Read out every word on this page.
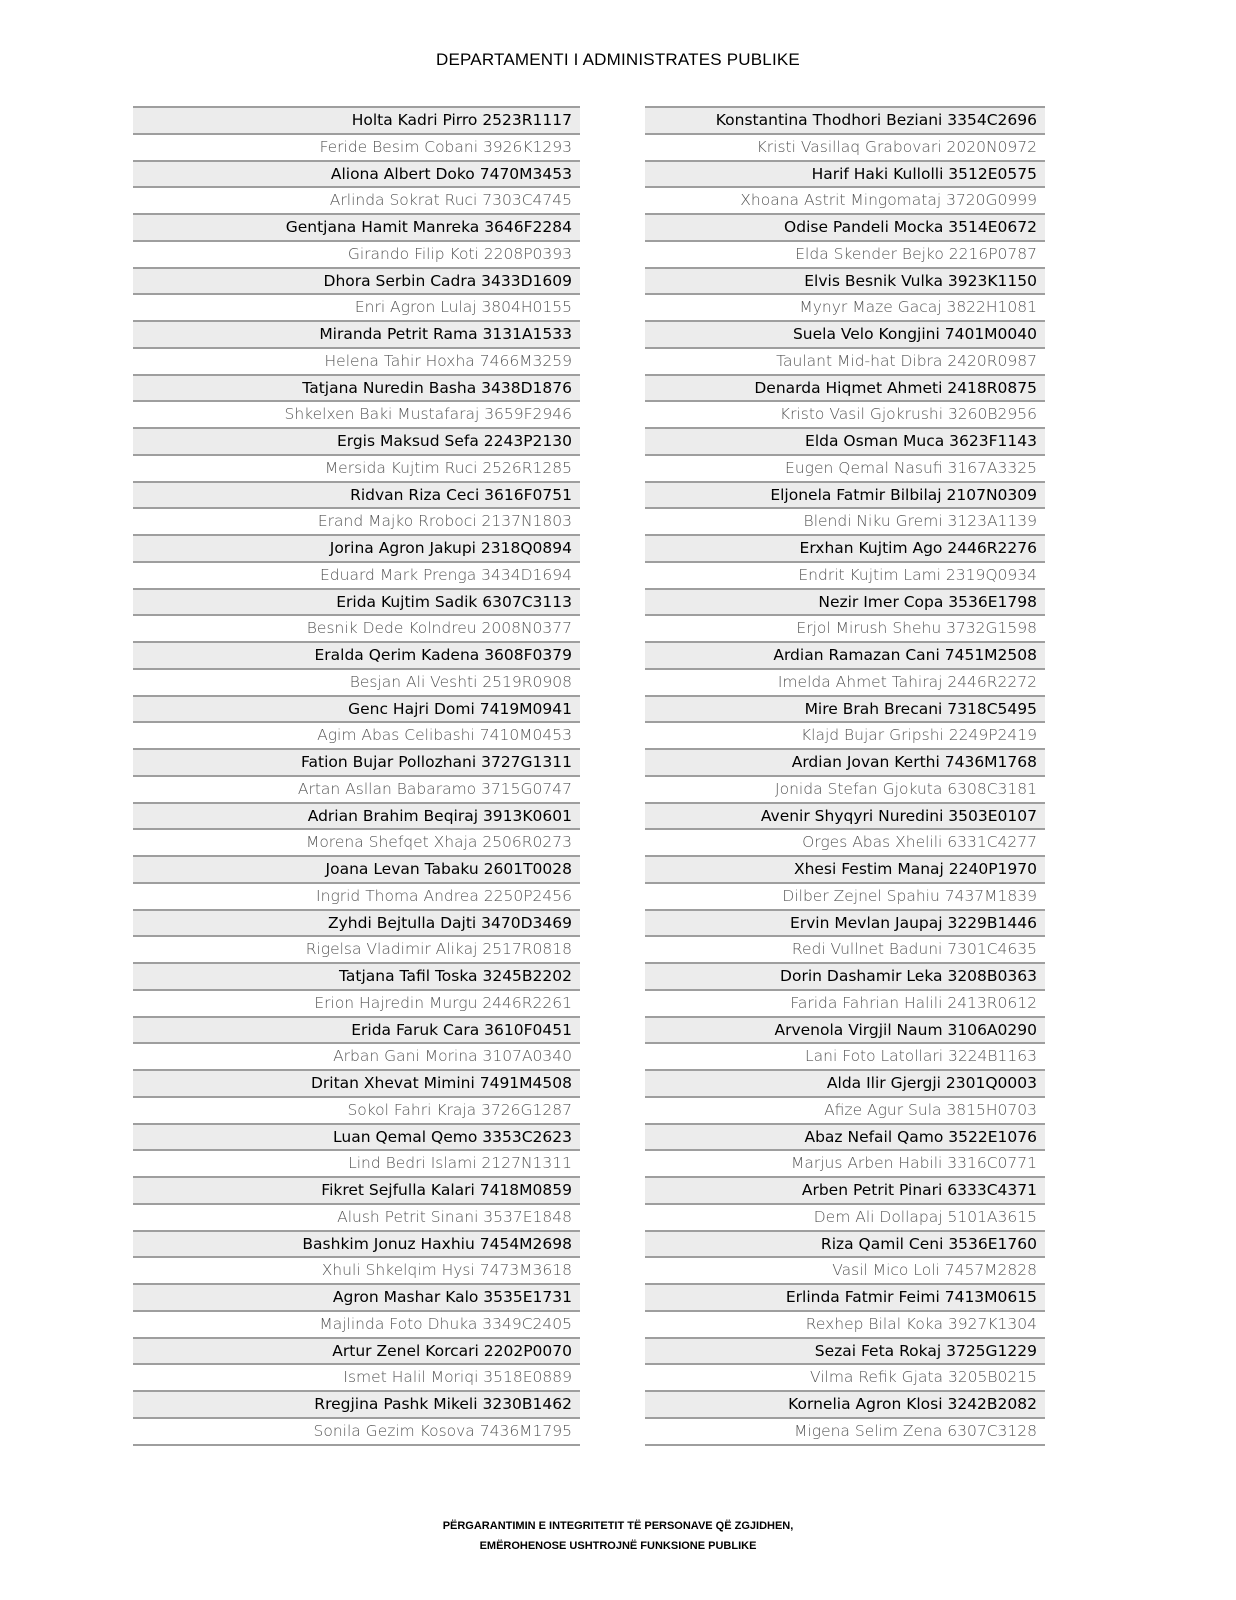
DEPARTAMENTI I ADMINISTRATES PUBLIKE
Holta Kadri Pirro 2523R1117
Feride Besim Cobani 3926K1293
Aliona Albert Doko 7470M3453
Arlinda Sokrat Ruci 7303C4745
Gentjana Hamit Manreka 3646F2284
Girando Filip Koti 2208P0393
Dhora Serbin Cadra 3433D1609
Enri Agron Lulaj 3804H0155
Miranda Petrit Rama 3131A1533
Helena Tahir Hoxha 7466M3259
Tatjana Nuredin Basha 3438D1876
Shkelxen Baki Mustafaraj 3659F2946
Ergis Maksud Sefa 2243P2130
Mersida Kujtim Ruci 2526R1285
Ridvan Riza Ceci 3616F0751
Erand Majko Rroboci 2137N1803
Jorina Agron Jakupi 2318Q0894
Eduard Mark Prenga 3434D1694
Erida Kujtim Sadik 6307C3113
Besnik Dede Kolndreu 2008N0377
Eralda Qerim Kadena 3608F0379
Besjan Ali Veshti 2519R0908
Genc Hajri Domi 7419M0941
Agim Abas Celibashi 7410M0453
Fation Bujar Pollozhani 3727G1311
Artan Asllan Babaramo 3715G0747
Adrian Brahim Beqiraj 3913K0601
Morena Shefqet Xhaja 2506R0273
Joana Levan Tabaku 2601T0028
Ingrid Thoma Andrea 2250P2456
Zyhdi Bejtulla Dajti 3470D3469
Rigelsa Vladimir Alikaj 2517R0818
Tatjana Tafil Toska 3245B2202
Erion Hajredin Murgu 2446R2261
Erida Faruk Cara 3610F0451
Arban Gani Morina 3107A0340
Dritan Xhevat Mimini 7491M4508
Sokol Fahri Kraja 3726G1287
Luan Qemal Qemo 3353C2623
Lind Bedri Islami 2127N1311
Fikret Sejfulla Kalari 7418M0859
Alush Petrit Sinani 3537E1848
Bashkim Jonuz Haxhiu 7454M2698
Xhuli Shkelqim Hysi 7473M3618
Agron Mashar Kalo 3535E1731
Majlinda Foto Dhuka 3349C2405
Artur Zenel Korcari 2202P0070
Ismet Halil Moriqi 3518E0889
Rregjina Pashk Mikeli 3230B1462
Sonila Gezim Kosova 7436M1795
Konstantina Thodhori Beziani 3354C2696
Kristi Vasillaq Grabovari 2020N0972
Harif Haki Kullolli 3512E0575
Xhoana Astrit Mingomataj 3720G0999
Odise Pandeli Mocka 3514E0672
Elda Skender Bejko 2216P0787
Elvis Besnik Vulka 3923K1150
Mynyr Maze Gacaj 3822H1081
Suela Velo Kongjini 7401M0040
Taulant Mid-hat Dibra 2420R0987
Denarda Hiqmet Ahmeti 2418R0875
Kristo Vasil Gjokrushi 3260B2956
Elda Osman Muca 3623F1143
Eugen Qemal Nasufi 3167A3325
Eljonela Fatmir Bilbilaj 2107N0309
Blendi Niku Gremi 3123A1139
Erxhan Kujtim Ago 2446R2276
Endrit Kujtim Lami 2319Q0934
Nezir Imer Copa 3536E1798
Erjol Mirush Shehu 3732G1598
Ardian Ramazan Cani 7451M2508
Imelda Ahmet Tahiraj 2446R2272
Mire Brah Brecani 7318C5495
Klajd Bujar Gripshi 2249P2419
Ardian Jovan Kerthi 7436M1768
Jonida Stefan Gjokuta 6308C3181
Avenir Shyqyri Nuredini 3503E0107
Orges Abas Xhelili 6331C4277
Xhesi Festim Manaj 2240P1970
Dilber Zejnel Spahiu 7437M1839
Ervin Mevlan Jaupaj 3229B1446
Redi Vullnet Baduni 7301C4635
Dorin Dashamir Leka 3208B0363
Farida Fahrian Halili 2413R0612
Arvenola Virgjil Naum 3106A0290
Lani Foto Latollari 3224B1163
Alda Ilir Gjergji 2301Q0003
Afize Agur Sula 3815H0703
Abaz Nefail Qamo 3522E1076
Marjus Arben Habili 3316C0771
Arben Petrit Pinari 6333C4371
Dem Ali Dollapaj 5101A3615
Riza Qamil Ceni 3536E1760
Vasil Mico Loli 7457M2828
Erlinda Fatmir Feimi 7413M0615
Rexhep Bilal Koka 3927K1304
Sezai Feta Rokaj 3725G1229
Vilma Refik Gjata 3205B0215
Kornelia Agron Klosi 3242B2082
Migena Selim Zena 6307C3128
PËRGARANTIMIN E INTEGRITETIT TË PERSONAVE QË ZGJIDHEN,
EMËROHENOSE USHTROJNË FUNKSIONE PUBLIKE
